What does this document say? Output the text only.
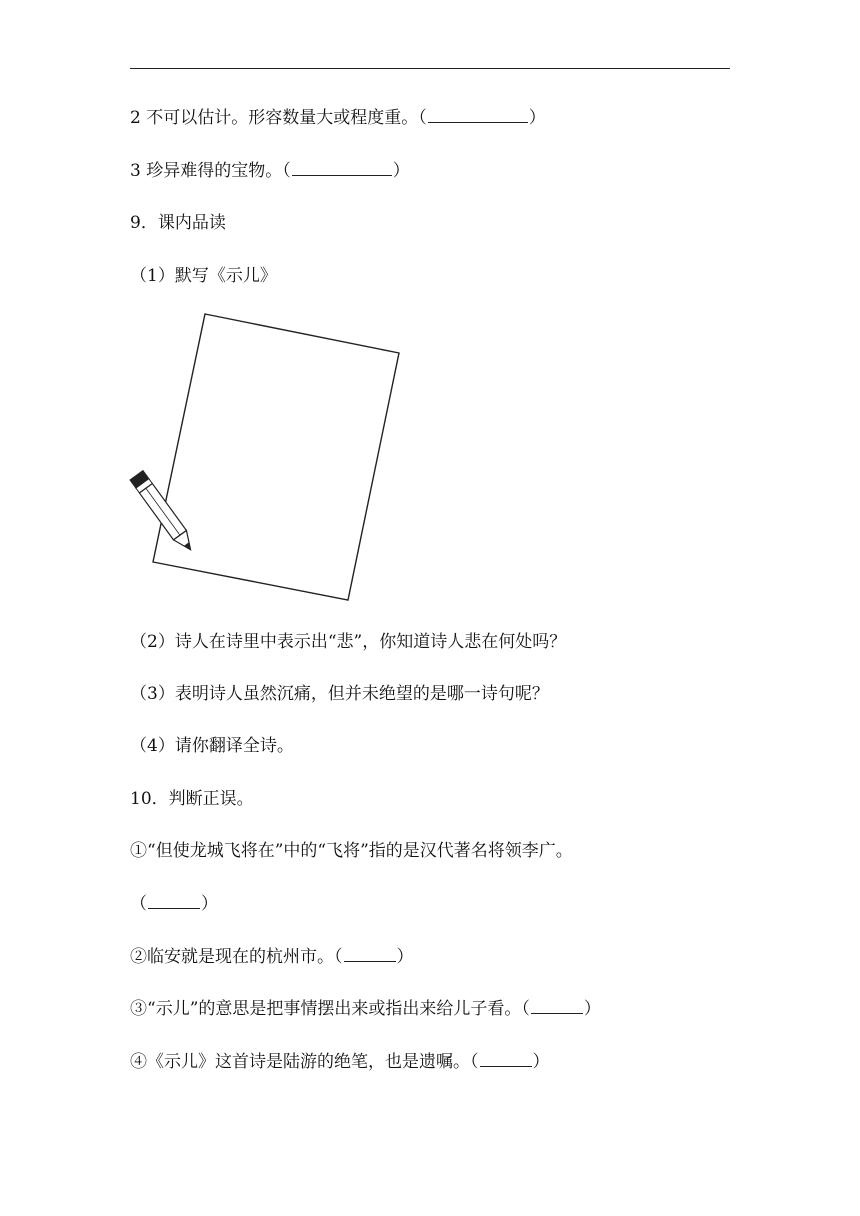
2 不可以估计。形容数量大或程度重。（	）
3 珍异难得的宝物。（	）
9．课内品读
（1）默写《示儿》
（2）诗人在诗里中表示出“悲”，你知道诗人悲在何处吗？
（3）表明诗人虽然沉痛，但并未绝望的是哪一诗句呢？
（4）请你翻译全诗。
10．判断正误。
①“但使龙城飞将在”中的“飞将”指的是汉代著名将领李广。
（	）
②临安就是现在的杭州市。（	）
③“示儿”的意思是把事情摆出来或指出来给儿子看。（	）
④《示儿》这首诗是陆游的绝笔，也是遗嘱。（	）
